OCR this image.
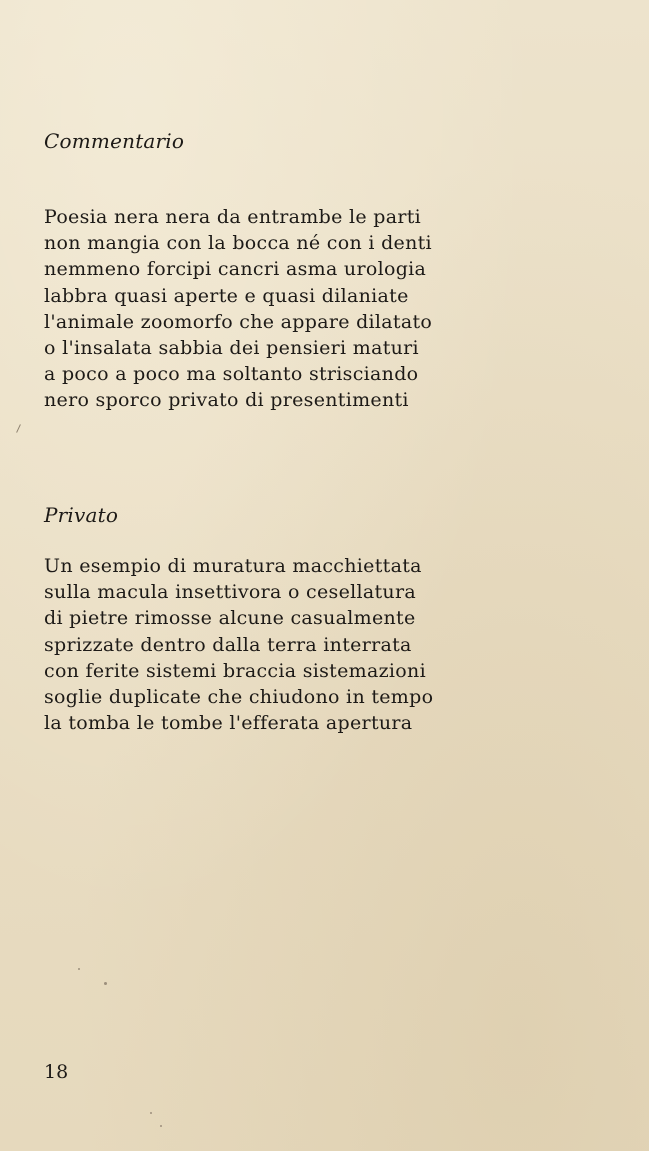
Commentario
Poesia nera nera da entrambe le parti
non mangia con la bocca né con i denti
nemmeno forcipi cancri asma urologia
labbra quasi aperte e quasi dilaniate
l'animale zoomorfo che appare dilatato
o l'insalata sabbia dei pensieri maturi
a poco a poco ma soltanto strisciando
nero sporco privato di presentimenti
Privato
Un esempio di muratura macchiettata
sulla macula insettivora o cesellatura
di pietre rimosse alcune casualmente
sprizzate dentro dalla terra interrata
con ferite sistemi braccia sistemazioni
soglie duplicate che chiudono in tempo
la tomba le tombe l'efferata apertura
18
